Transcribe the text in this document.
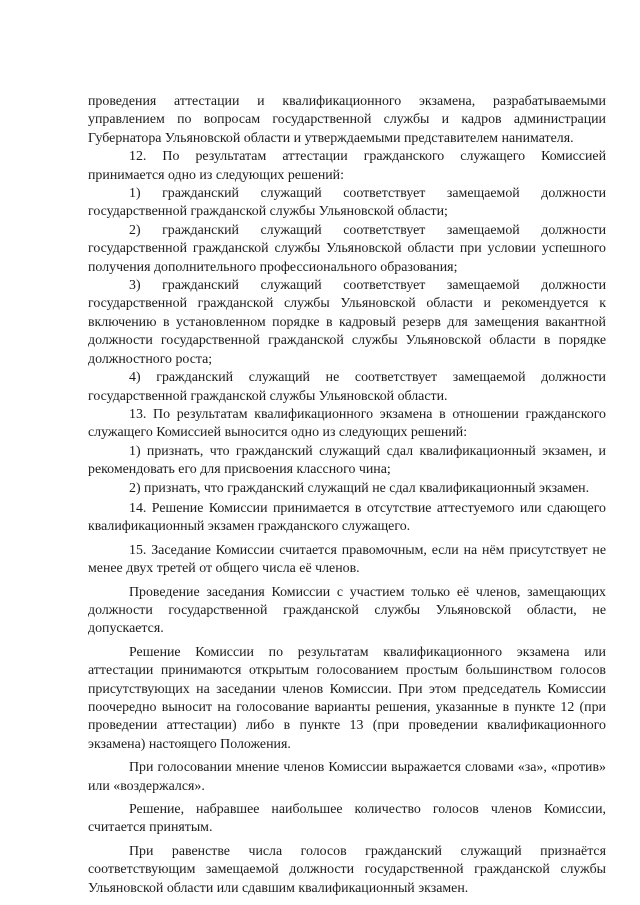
проведения аттестации и квалификационного экзамена, разрабатываемыми управлением по вопросам государственной службы и кадров администрации Губернатора Ульяновской области и утверждаемыми представителем нанимателя.

12. По результатам аттестации гражданского служащего Комиссией принимается одно из следующих решений:

1) гражданский служащий соответствует замещаемой должности государственной гражданской службы Ульяновской области;

2) гражданский служащий соответствует замещаемой должности государственной гражданской службы Ульяновской области при условии успешного получения дополнительного профессионального образования;

3) гражданский служащий соответствует замещаемой должности государственной гражданской службы Ульяновской области и рекомендуется к включению в установленном порядке в кадровый резерв для замещения вакантной должности государственной гражданской службы Ульяновской области в порядке должностного роста;

4) гражданский служащий не соответствует замещаемой должности государственной гражданской службы Ульяновской области.

13. По результатам квалификационного экзамена в отношении гражданского служащего Комиссией выносится одно из следующих решений:

1) признать, что гражданский служащий сдал квалификационный экзамен, и рекомендовать его для присвоения классного чина;

2) признать, что гражданский служащий не сдал квалификационный экзамен.

14. Решение Комиссии принимается в отсутствие аттестуемого или сдающего квалификационный экзамен гражданского служащего.

15. Заседание Комиссии считается правомочным, если на нём присутствует не менее двух третей от общего числа её членов.

Проведение заседания Комиссии с участием только её членов, замещающих должности государственной гражданской службы Ульяновской области, не допускается.

Решение Комиссии по результатам квалификационного экзамена или аттестации принимаются открытым голосованием простым большинством голосов присутствующих на заседании членов Комиссии. При этом председатель Комиссии поочередно выносит на голосование варианты решения, указанные в пункте 12 (при проведении аттестации) либо в пункте 13 (при проведении квалификационного экзамена) настоящего Положения.

При голосовании мнение членов Комиссии выражается словами «за», «против» или «воздержался».

Решение, набравшее наибольшее количество голосов членов Комиссии, считается принятым.

При равенстве числа голосов гражданский служащий признаётся соответствующим замещаемой должности государственной гражданской службы Ульяновской области или сдавшим квалификационный экзамен.
